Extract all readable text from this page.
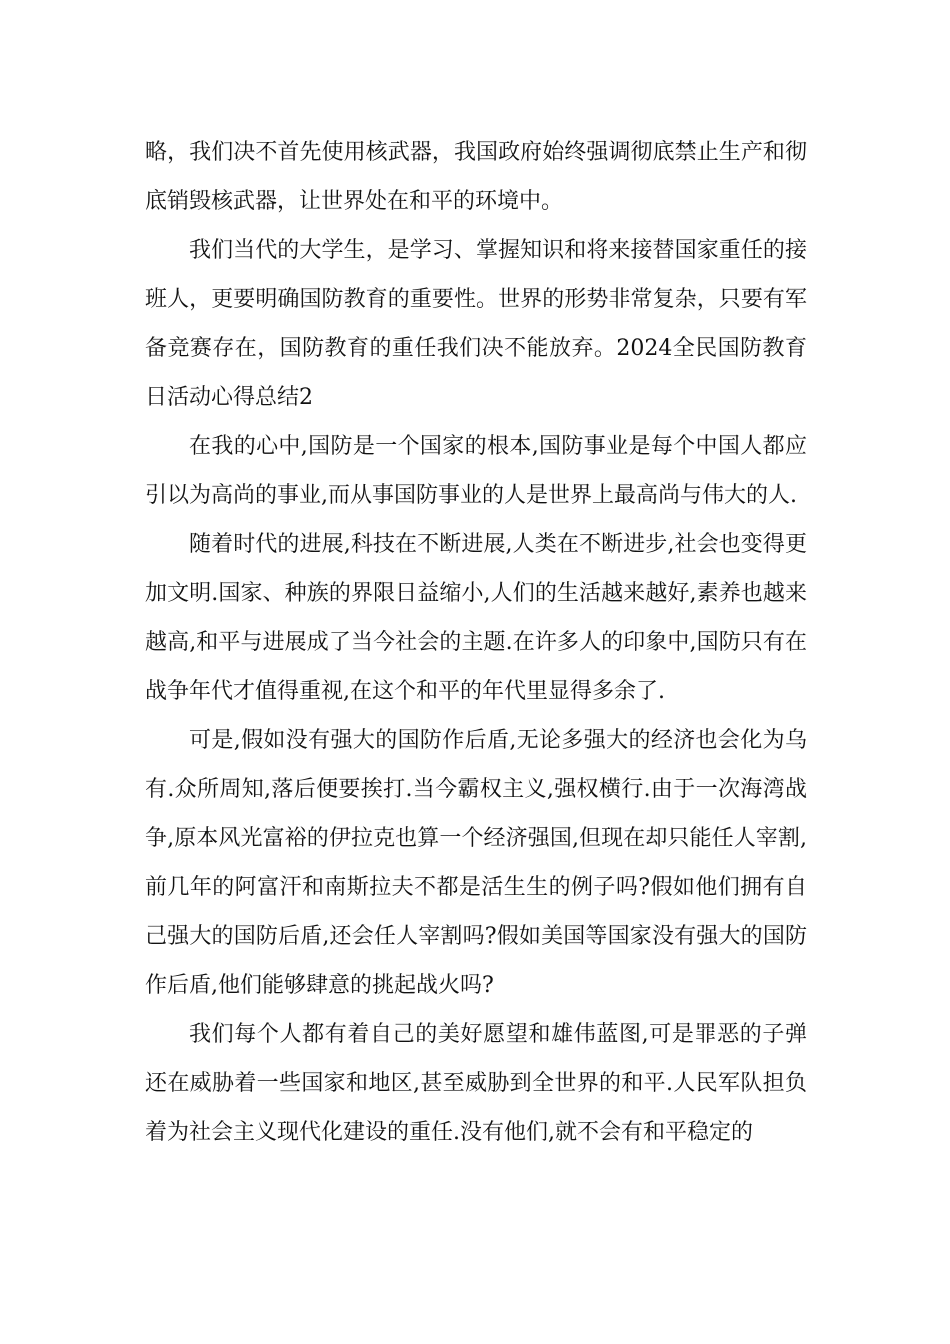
略，我们决不首先使用核武器，我国政府始终强调彻底禁止生产和彻底销毁核武器，让世界处在和平的环境中。

我们当代的大学生，是学习、掌握知识和将来接替国家重任的接班人，更要明确国防教育的重要性。世界的形势非常复杂，只要有军备竞赛存在，国防教育的重任我们决不能放弃。2024全民国防教育日活动心得总结2

在我的心中,国防是一个国家的根本,国防事业是每个中国人都应引以为高尚的事业,而从事国防事业的人是世界上最高尚与伟大的人.

随着时代的进展,科技在不断进展,人类在不断进步,社会也变得更加文明.国家、种族的界限日益缩小,人们的生活越来越好,素养也越来越高,和平与进展成了当今社会的主题.在许多人的印象中,国防只有在战争年代才值得重视,在这个和平的年代里显得多余了.

可是,假如没有强大的国防作后盾,无论多强大的经济也会化为乌有.众所周知,落后便要挨打.当今霸权主义,强权横行.由于一次海湾战争,原本风光富裕的伊拉克也算一个经济强国,但现在却只能任人宰割,前几年的阿富汗和南斯拉夫不都是活生生的例子吗?假如他们拥有自己强大的国防后盾,还会任人宰割吗?假如美国等国家没有强大的国防作后盾,他们能够肆意的挑起战火吗?

我们每个人都有着自己的美好愿望和雄伟蓝图,可是罪恶的子弹还在威胁着一些国家和地区,甚至威胁到全世界的和平.人民军队担负着为社会主义现代化建设的重任.没有他们,就不会有和平稳定的
